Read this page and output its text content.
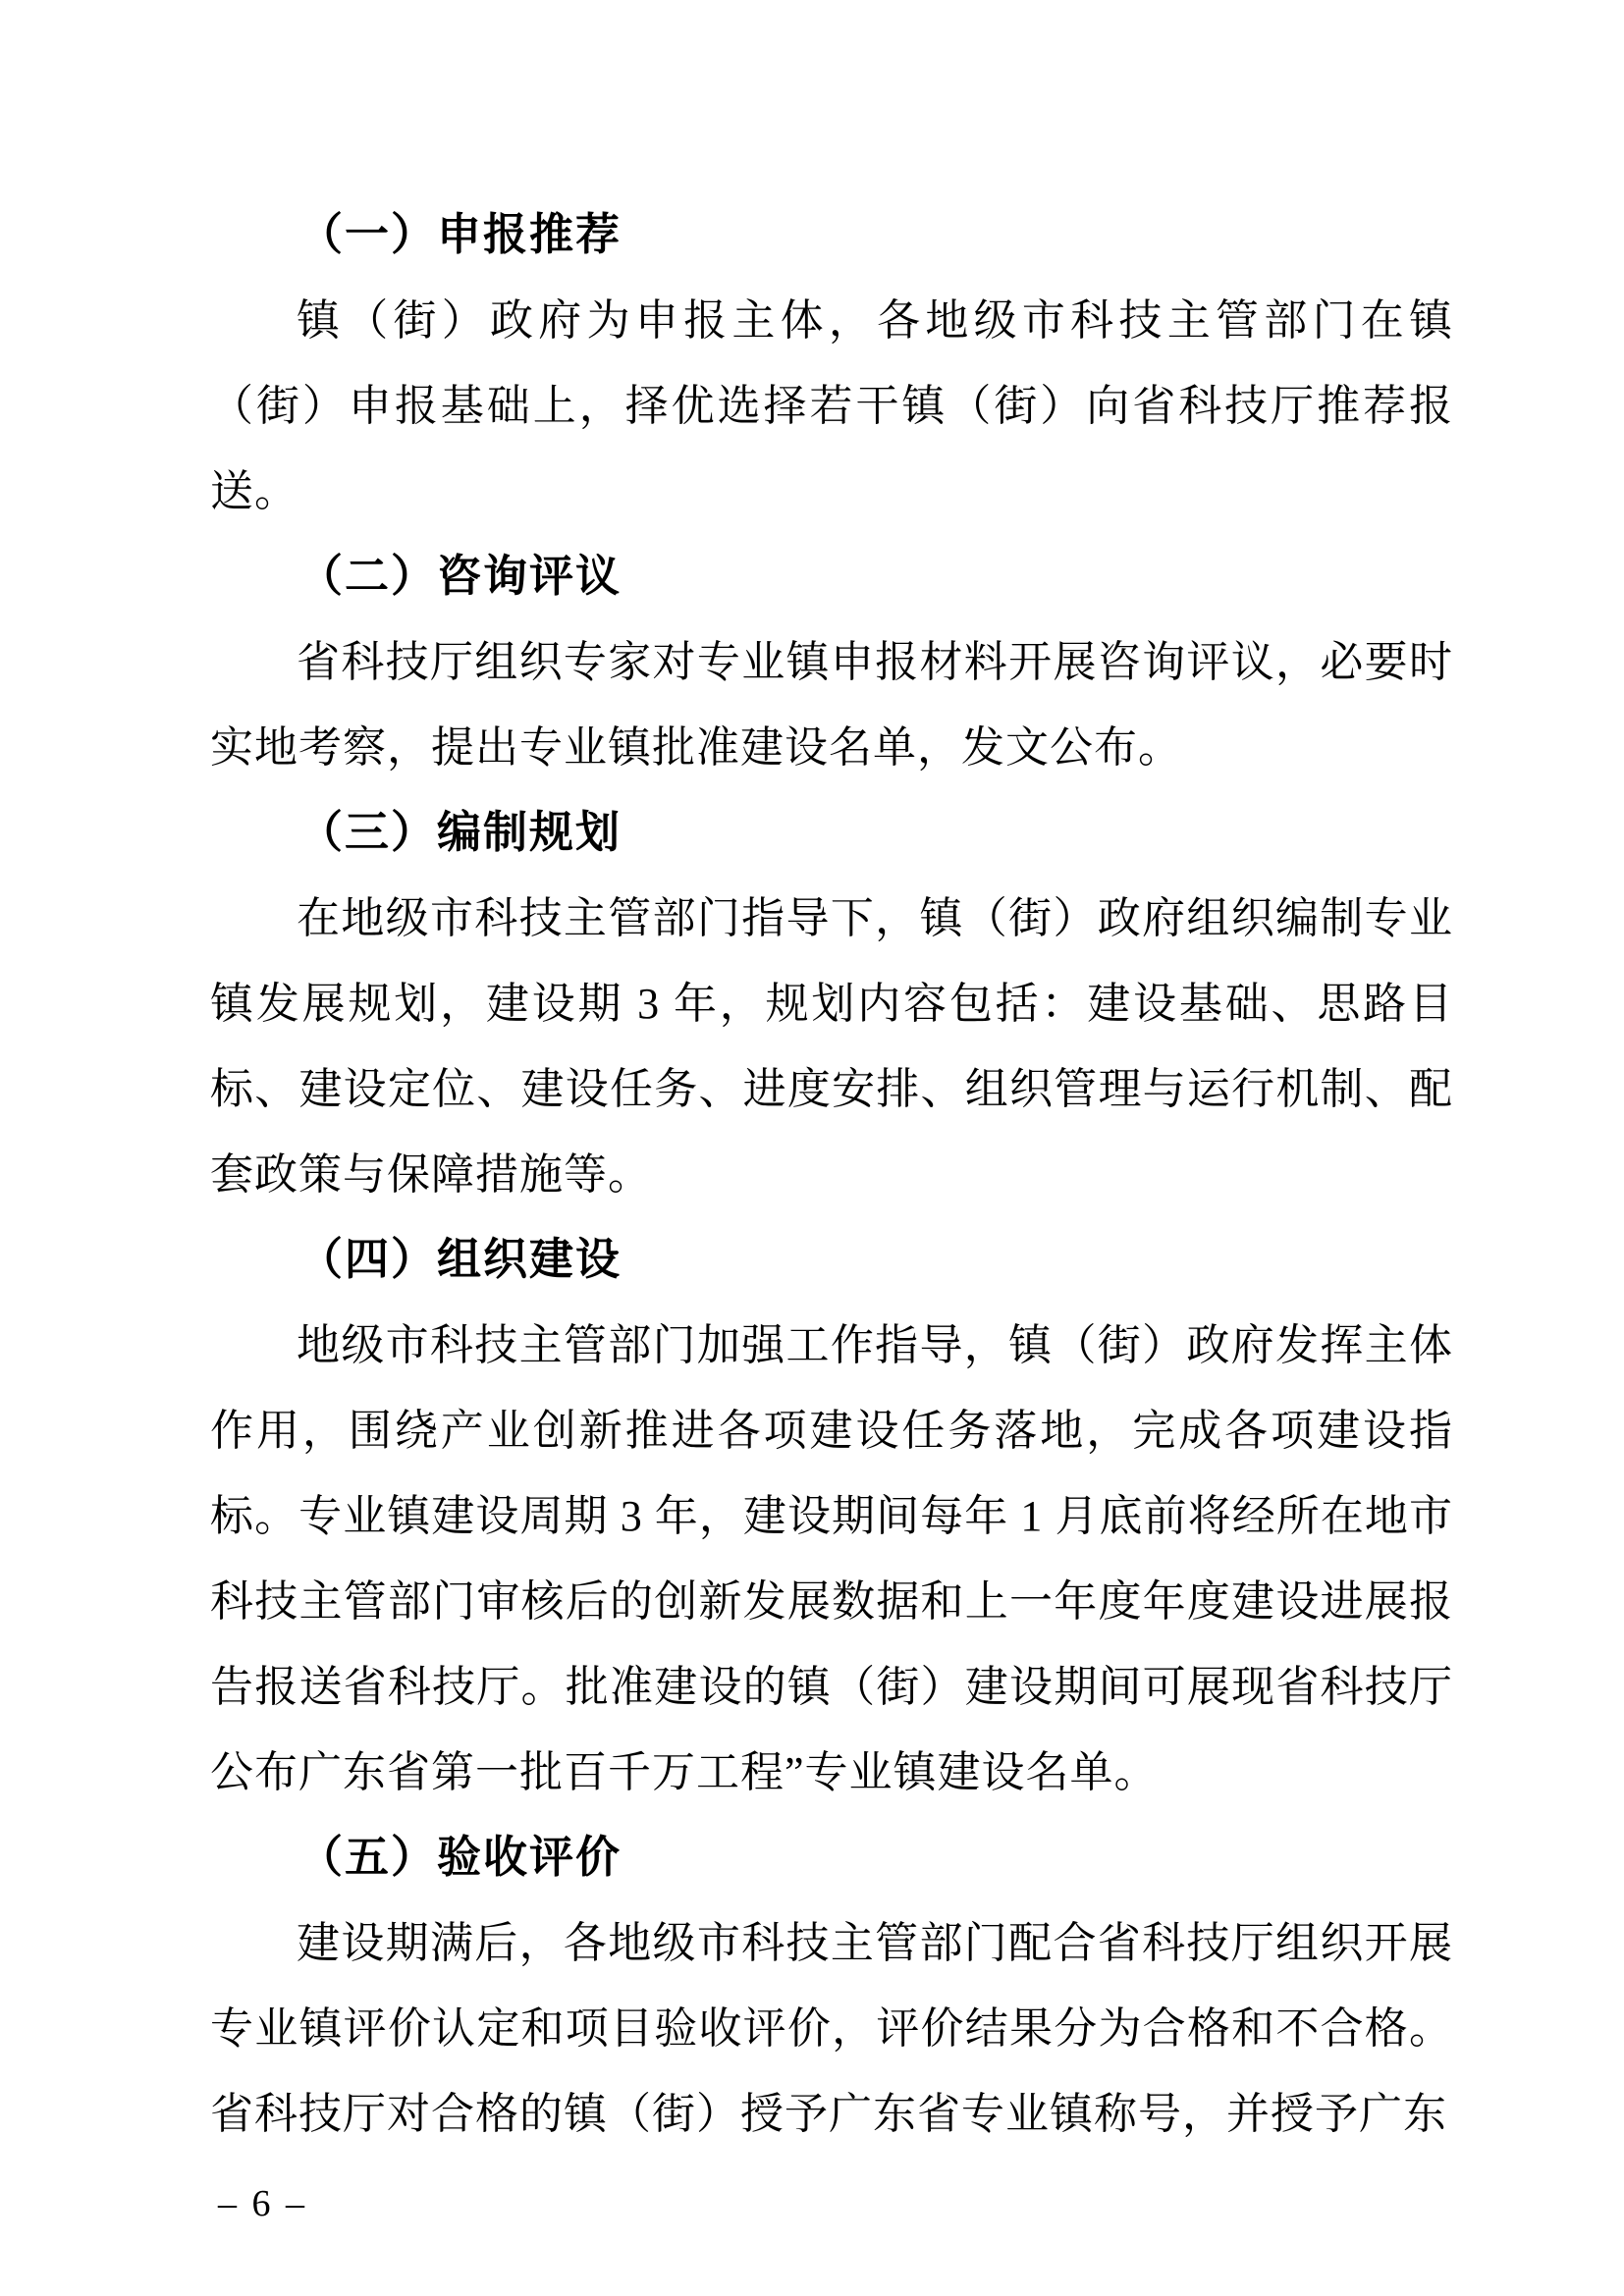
（一）申报推荐

镇（街）政府为申报主体，各地级市科技主管部门在镇（街）申报基础上，择优选择若干镇（街）向省科技厅推荐报送。

（二）咨询评议

省科技厅组织专家对专业镇申报材料开展咨询评议，必要时实地考察，提出专业镇批准建设名单，发文公布。

（三）编制规划

在地级市科技主管部门指导下，镇（街）政府组织编制专业镇发展规划，建设期 3 年，规划内容包括：建设基础、思路目标、建设定位、建设任务、进度安排、组织管理与运行机制、配套政策与保障措施等。

（四）组织建设

地级市科技主管部门加强工作指导，镇（街）政府发挥主体作用，围绕产业创新推进各项建设任务落地，完成各项建设指标。专业镇建设周期 3 年，建设期间每年 1 月底前将经所在地市科技主管部门审核后的创新发展数据和上一年度年度建设进展报告报送省科技厅。批准建设的镇（街）建设期间可展现省科技厅公布广东省第一批百千万工程”专业镇建设名单。

（五）验收评价

建设期满后，各地级市科技主管部门配合省科技厅组织开展专业镇评价认定和项目验收评价，评价结果分为合格和不合格。省科技厅对合格的镇（街）授予广东省专业镇称号，并授予广东

– 6 –
